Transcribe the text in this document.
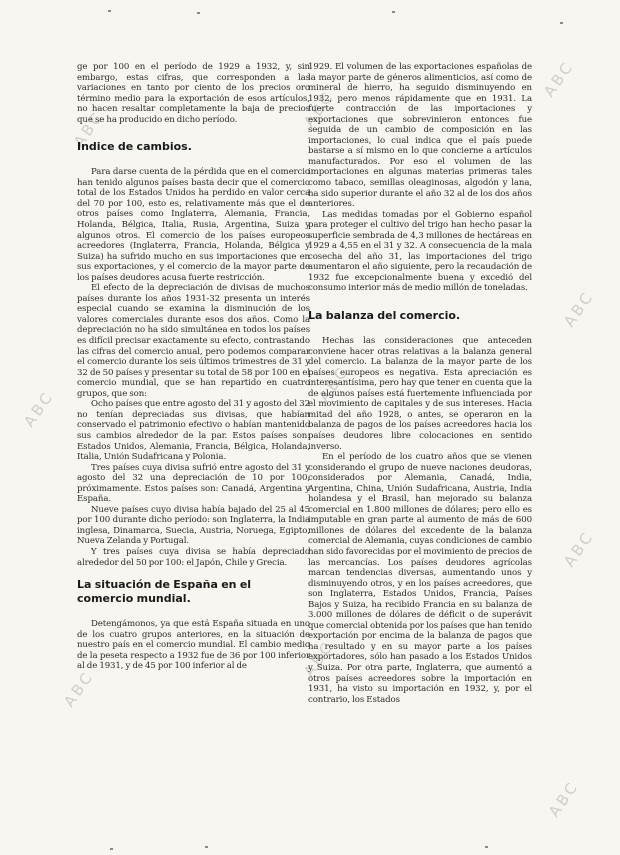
ABC
ABC
ABC
ABC
ABC
ABC
ABC
ABC
ABC
ABC

ge por 100 en el período de 1929 a 1932, y, sin embargo, estas cifras, que corresponden a las variaciones en tanto por ciento de los precios oro término medio para la exportación de esos artículos, no hacen resaltar completamente la baja de precios que se ha producido en dicho período.

Indice de cambios.

Para darse cuenta de la pérdida que en el comercio han tenido algunos países basta decir que el comercio total de los Estados Unidos ha perdido en valor cerca del 70 por 100, esto es, relativamente más que el de otros países como Inglaterra, Alemania, Francia, Holanda, Bélgica, Italia, Rusia, Argentina, Suiza y algunos otros. El comercio de los países europeos acreedores (Inglaterra, Francia, Holanda, Bélgica y Suiza) ha sufrido mucho en sus importaciones que en sus exportaciones, y el comercio de la mayor parte de los países deudores acusa fuerte restricción.

El efecto de la depreciación de divisas de muchos países durante los años 1931-32 presenta un interés especial cuando se examina la disminución de los valores comerciales durante esos dos años. Como la depreciación no ha sido simultánea en todos los países es difícil precisar exactamente su efecto, contrastando las cifras del comercio anual, pero podemos comparar el comercio durante los seis últimos trimestres de 31 y 32 de 50 países y presentar su total de 58 por 100 en el comercio mundial, que se han repartido en cuatro grupos, que son:

Ocho países que entre agosto del 31 y agosto del 32 no tenían depreciadas sus divisas, que habían conservado el patrimonio efectivo o habían mantenido sus cambios alrededor de la par. Estos países son: Estados Unidos, Alemania, Francia, Bélgica, Holanda, Italia, Unión Sudafricana y Polonia.

Tres países cuya divisa sufrió entre agosto del 31 y agosto del 32 una depreciación de 10 por 100, próximamente. Estos países son: Canadá, Argentina y España.

Nueve países cuyo divisa había bajado del 25 al 45 por 100 durante dicho período: son Inglaterra, la India inglesa, Dinamarca, Suecia, Austria, Noruega, Egipto, Nueva Zelanda y Portugal.

Y tres países cuya divisa se había depreciado alrededor del 50 por 100: el Japón, Chile y Grecia.

La situación de España en el comercio mundial.

Detengámonos, ya que está España situada en uno de los cuatro grupos anteriores, en la situación de nuestro país en el comercio mundial. El cambio medio de la peseta respecto a 1932 fue de 36 por 100 inferior al de 1931, y de 45 por 100 inferior al de

1929. El volumen de las exportaciones españolas de la mayor parte de géneros alimenticios, así como de mineral de hierro, ha seguido disminuyendo en 1932, pero menos rápidamente que en 1931. La fuerte contracción de las importaciones y exportaciones que sobrevinieron entonces fue seguida de un cambio de composición en las importaciones, lo cual indica que el país puede bastarse a sí mismo en lo que concierne a artículos manufacturados. Por eso el volumen de las importaciones en algunas materias primeras tales como tabaco, semillas oleaginosas, algodón y lana, ha sido superior durante el año 32 al de los dos años anteriores.

Las medidas tomadas por el Gobierno español para proteger el cultivo del trigo han hecho pasar la superficie sembrada de 4,3 millones de hectáreas en 1929 a 4,55 en el 31 y 32. A consecuencia de la mala cosecha del año 31, las importaciones del trigo aumentaron el año siguiente, pero la recaudación de 1932 fue excepcionalmente buena y excedió del consumo interior más de medio millón de toneladas.

La balanza del comercio.

Hechas las consideraciones que anteceden conviene hacer otras relativas a la balanza general del comercio. La balanza de la mayor parte de los países europeos es negativa. Esta apreciación es interesantísima, pero hay que tener en cuenta que la de algunos países está fuertemente influenciada por el movimiento de capitales y de sus intereses. Hacia mitad del año 1928, o antes, se operaron en la balanza de pagos de los países acreedores hacia los países deudores libre colocaciones en sentido inverso.

En el período de los cuatro años que se vienen considerando el grupo de nueve naciones deudoras, considerados por Alemania, Canadá, India, Argentina, China, Unión Sudafricana, Austria, India holandesa y el Brasil, han mejorado su balanza comercial en 1.800 millones de dólares; pero ello es imputable en gran parte al aumento de más de 600 millones de dólares del excedente de la balanza comercial de Alemania, cuyas condiciones de cambio han sido favorecidas por el movimiento de precios de las mercancías. Los países deudores agrícolas marcan tendencias diversas, aumentando unos y disminuyendo otros, y en los países acreedores, que son Inglaterra, Estados Unidos, Francia, Países Bajos y Suiza, ha recibido Francia en su balanza de 3.000 millones de dólares de déficit o de superávit que comercial obtenida por los países que han tenido exportación por encima de la balanza de pagos que ha resultado y en su mayor parte a los países exportadores, sólo han pasado a los Estados Unidos y Suiza. Por otra parte, Inglaterra, que aumentó a otros países acreedores sobre la importación en 1931, ha visto su importación en 1932, y, por el contrario, los Estados
